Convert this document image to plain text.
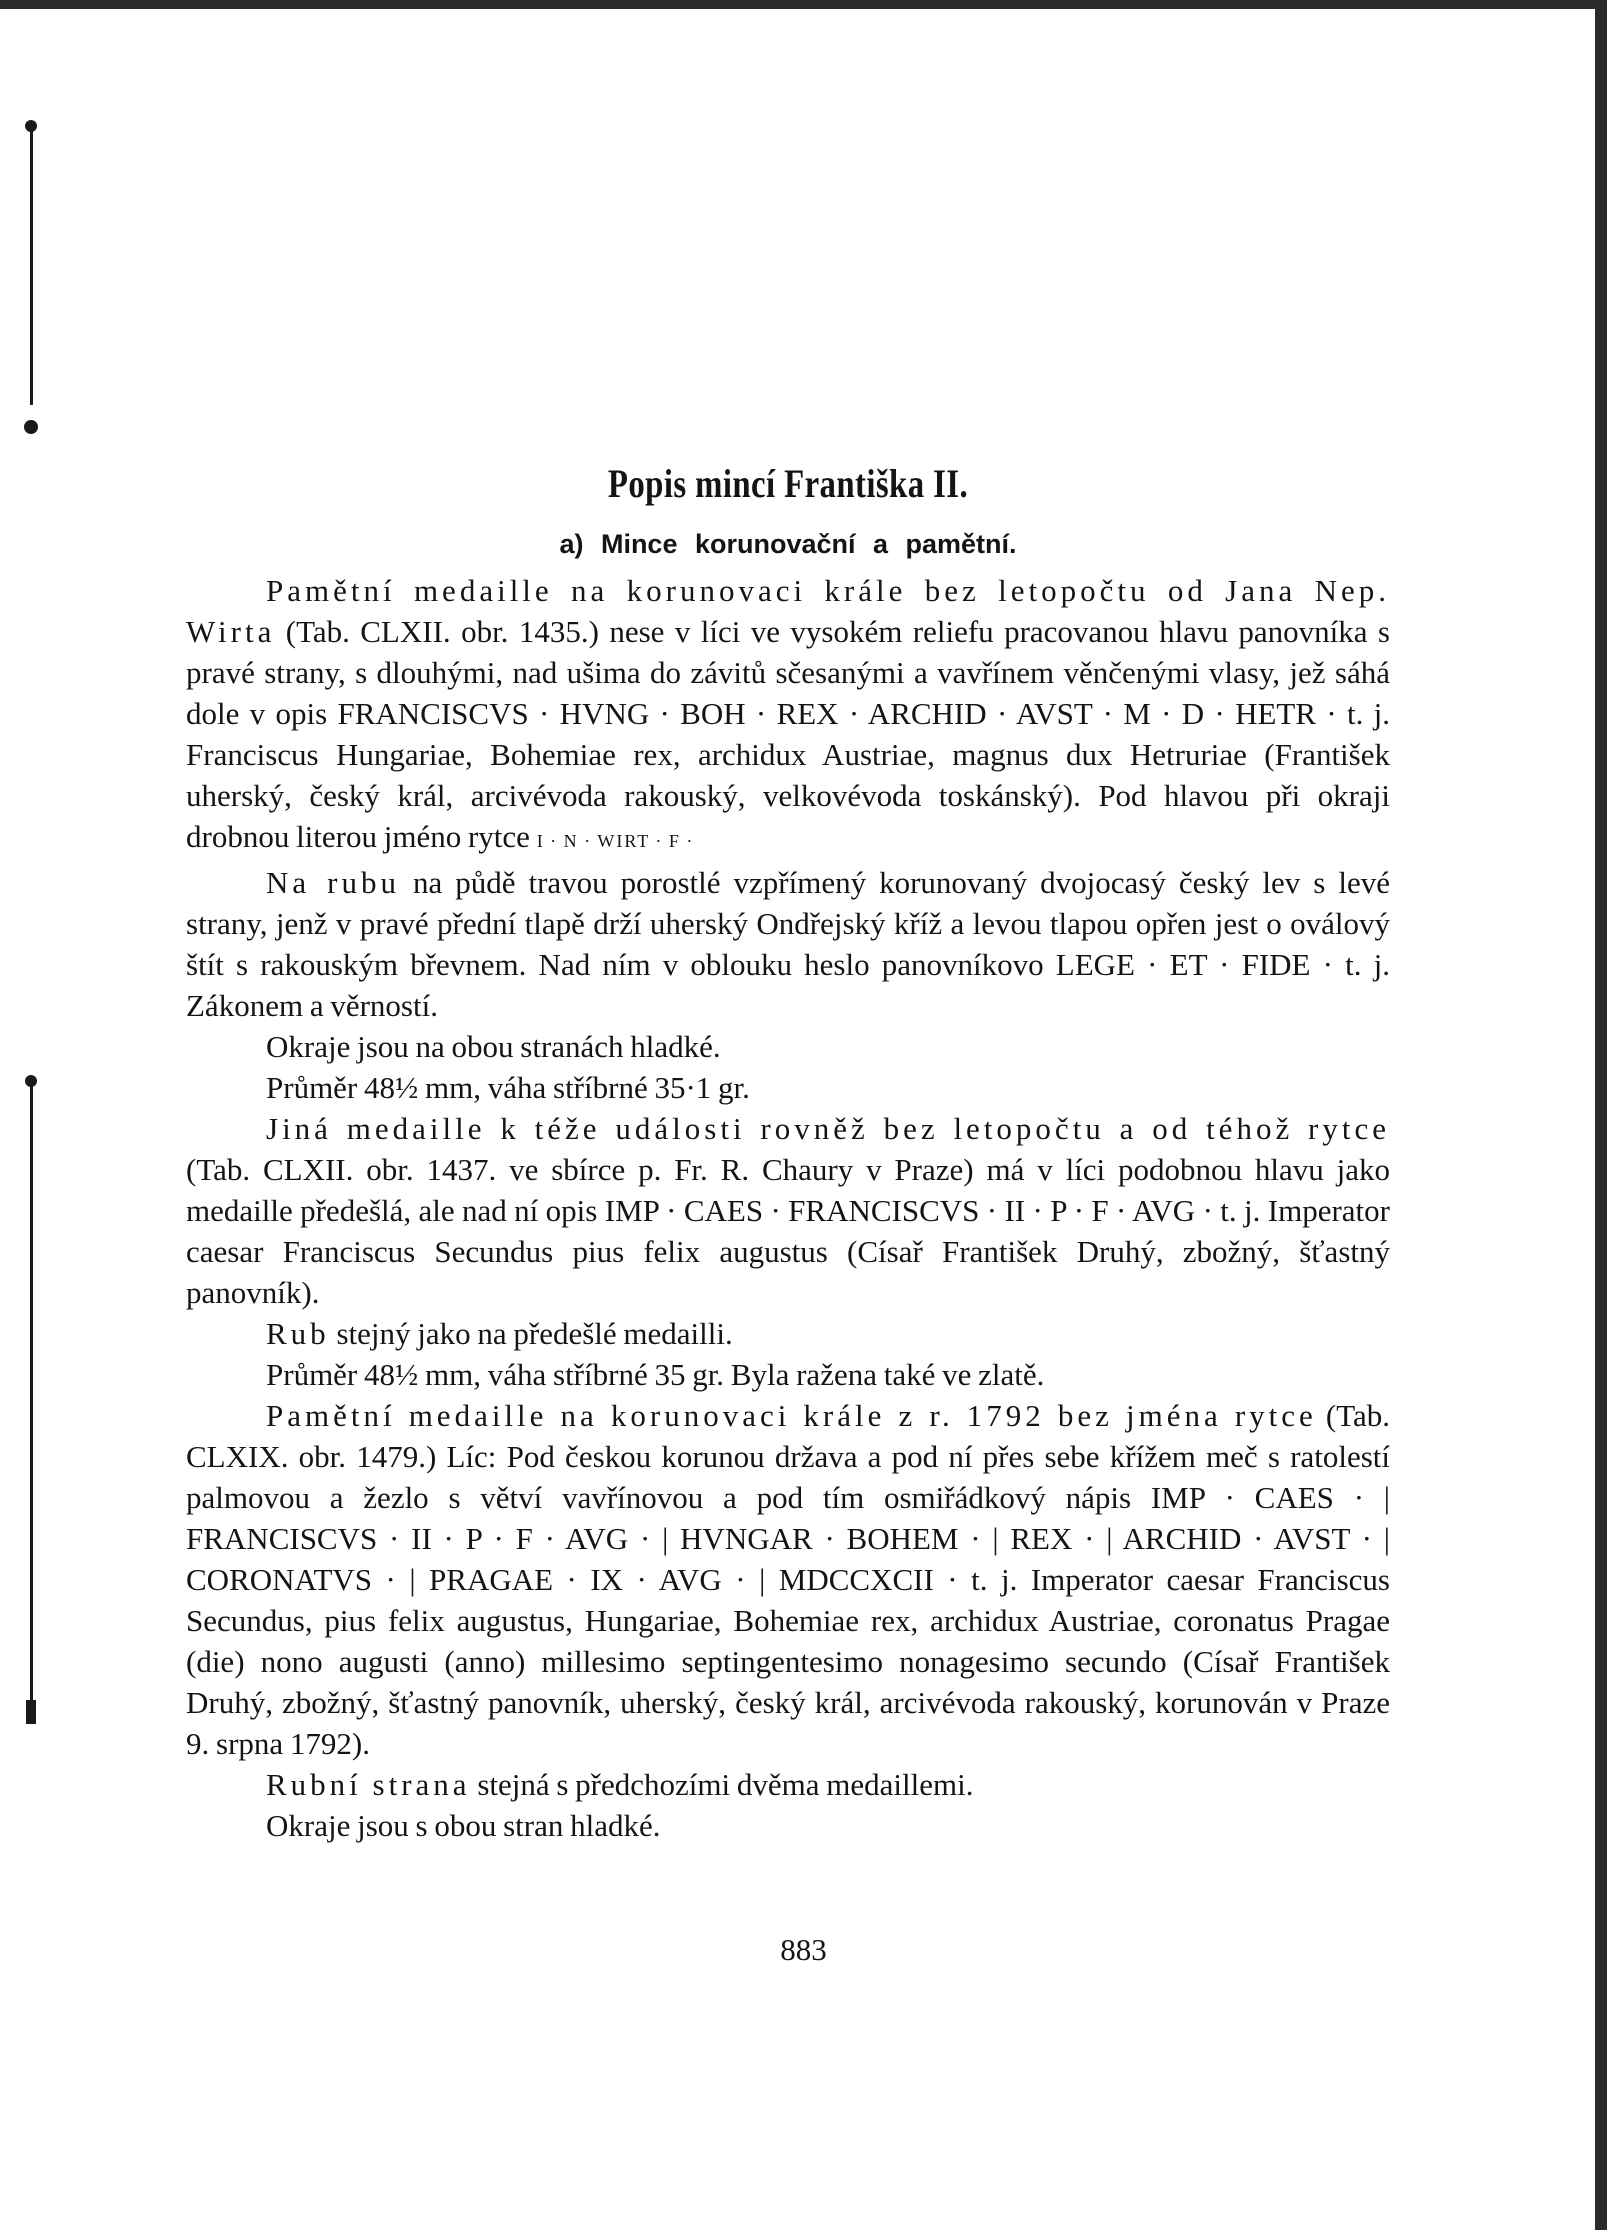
Popis mincí Františka II.
a) Mince korunovační a pamětní.

Pamětní medaille na korunovaci krále bez letopočtu od Jana Nep. Wirta (Tab. CLXII. obr. 1435.) nese v líci ve vysokém reliefu pracovanou hlavu panovníka s pravé strany, s dlouhými, nad ušima do závitů sčesanými a vavřínem věnčenými vlasy, jež sáhá dole v opis FRANCISCVS · HVNG · BOH · REX · ARCHID · AVST · M · D · HETR · t. j. Franciscus Hungariae, Bohemiae rex, archidux Austriae, magnus dux Hetruriae (František uherský, český král, arcivévoda rakouský, velkovévoda toskánský). Pod hlavou při okraji drobnou literou jméno rytce I · N · WIRT · F ·

Na rubu na půdě travou porostlé vzpřímený korunovaný dvojocasý český lev s levé strany, jenž v pravé přední tlapě drží uherský Ondřejský kříž a levou tlapou opřen jest o oválový štít s rakouským břevnem. Nad ním v oblouku heslo panovníkovo LEGE · ET · FIDE · t. j. Zákonem a věrností.

Okraje jsou na obou stranách hladké.

Průměr 48½ mm, váha stříbrné 35·1 gr.

Jiná medaille k téže události rovněž bez letopočtu a od téhož rytce (Tab. CLXII. obr. 1437. ve sbírce p. Fr. R. Chaury v Praze) má v líci podobnou hlavu jako medaille předešlá, ale nad ní opis IMP · CAES · FRANCISCVS · II · P · F · AVG · t. j. Imperator caesar Franciscus Secundus pius felix augustus (Císař František Druhý, zbožný, šťastný panovník).

Rub stejný jako na předešlé medailli.

Průměr 48½ mm, váha stříbrné 35 gr. Byla ražena také ve zlatě.

Pamětní medaille na korunovaci krále z r. 1792 bez jména rytce (Tab. CLXIX. obr. 1479.) Líc: Pod českou korunou država a pod ní přes sebe křížem meč s ratolestí palmovou a žezlo s větví vavřínovou a pod tím osmiřádkový nápis IMP · CAES · | FRANCISCVS · II · P · F · AVG · | HVNGAR · BOHEM · | REX · | ARCHID · AVST · | CORONATVS · | PRAGAE · IX · AVG · | MDCCXCII · t. j. Imperator caesar Franciscus Secundus, pius felix augustus, Hungariae, Bohemiae rex, archidux Austriae, coronatus Pragae (die) nono augusti (anno) millesimo septingentesimo nonagesimo secundo (Císař František Druhý, zbožný, šťastný panovník, uherský, český král, arcivévoda rakouský, korunován v Praze 9. srpna 1792).

Rubní strana stejná s předchozími dvěma medaillemi.

Okraje jsou s obou stran hladké.

883
